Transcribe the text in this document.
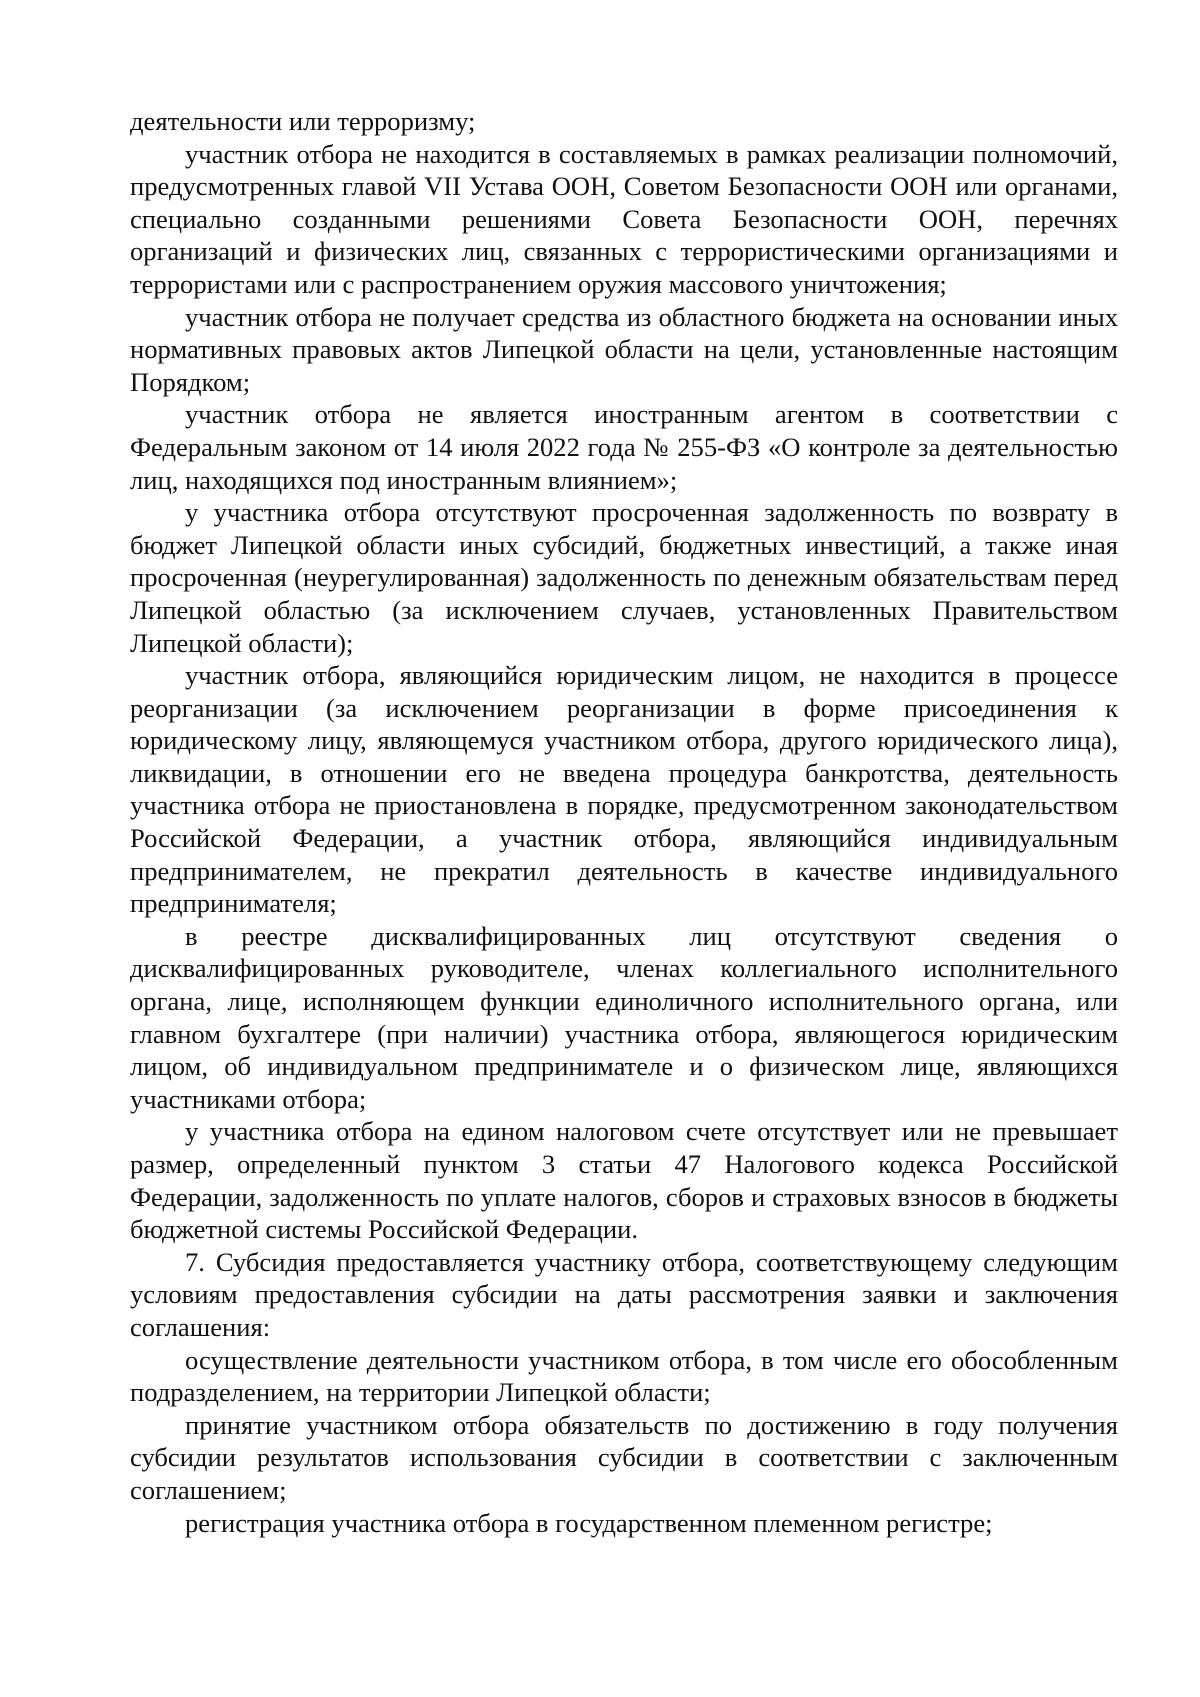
деятельности или терроризму;

участник отбора не находится в составляемых в рамках реализации полномочий, предусмотренных главой VII Устава ООН, Советом Безопасности ООН или органами, специально созданными решениями Совета Безопасности ООН, перечнях организаций и физических лиц, связанных с террористическими организациями и террористами или с распространением оружия массового уничтожения;

участник отбора не получает средства из областного бюджета на основании иных нормативных правовых актов Липецкой области на цели, установленные настоящим Порядком;

участник отбора не является иностранным агентом в соответствии с Федеральным законом от 14 июля 2022 года № 255-ФЗ «О контроле за деятельностью лиц, находящихся под иностранным влиянием»;

у участника отбора отсутствуют просроченная задолженность по возврату в бюджет Липецкой области иных субсидий, бюджетных инвестиций, а также иная просроченная (неурегулированная) задолженность по денежным обязательствам перед Липецкой областью (за исключением случаев, установленных Правительством Липецкой области);

участник отбора, являющийся юридическим лицом, не находится в процессе реорганизации (за исключением реорганизации в форме присоединения к юридическому лицу, являющемуся участником отбора, другого юридического лица), ликвидации, в отношении его не введена процедура банкротства, деятельность участника отбора не приостановлена в порядке, предусмотренном законодательством Российской Федерации, а участник отбора, являющийся индивидуальным предпринимателем, не прекратил деятельность в качестве индивидуального предпринимателя;

в реестре дисквалифицированных лиц отсутствуют сведения о дисквалифицированных руководителе, членах коллегиального исполнительного органа, лице, исполняющем функции единоличного исполнительного органа, или главном бухгалтере (при наличии) участника отбора, являющегося юридическим лицом, об индивидуальном предпринимателе и о физическом лице, являющихся участниками отбора;

у участника отбора на едином налоговом счете отсутствует или не превышает размер, определенный пунктом 3 статьи 47 Налогового кодекса Российской Федерации, задолженность по уплате налогов, сборов и страховых взносов в бюджеты бюджетной системы Российской Федерации.

7. Субсидия предоставляется участнику отбора, соответствующему следующим условиям предоставления субсидии на даты рассмотрения заявки и заключения соглашения:

осуществление деятельности участником отбора, в том числе его обособленным подразделением, на территории Липецкой области;

принятие участником отбора обязательств по достижению в году получения субсидии результатов использования субсидии в соответствии с заключенным соглашением;

регистрация участника отбора в государственном племенном регистре;
